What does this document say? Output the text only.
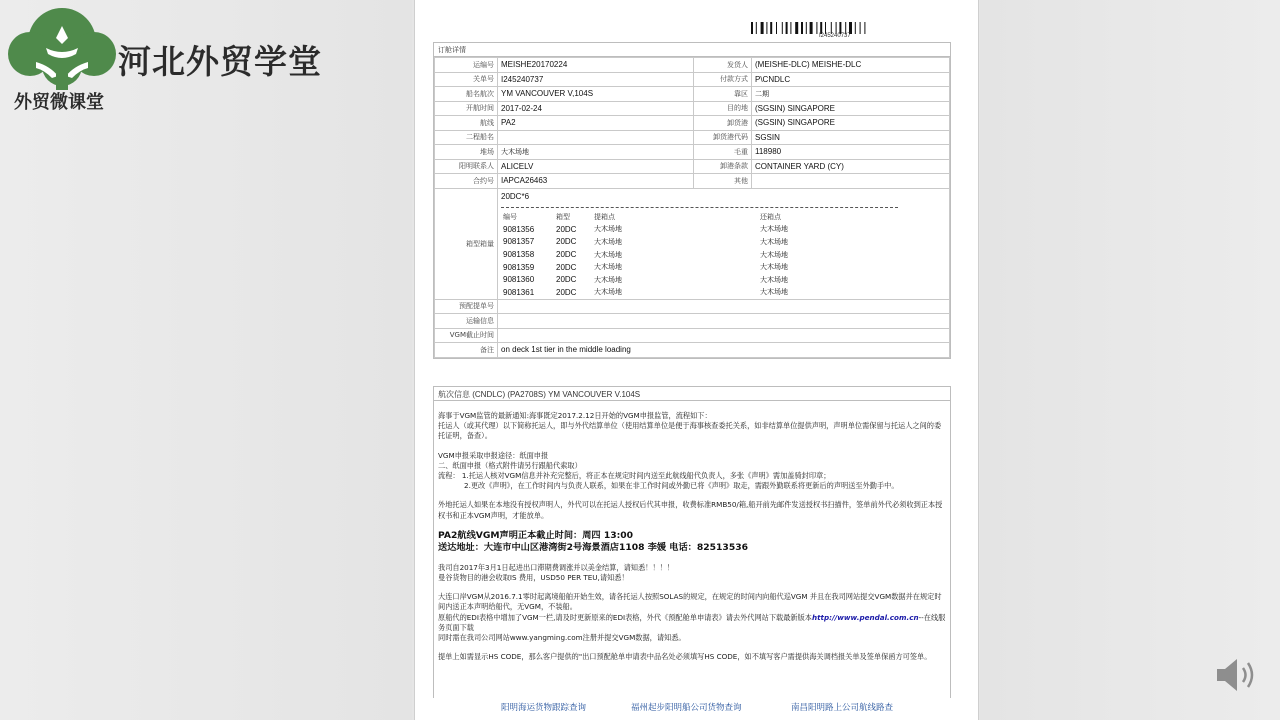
河北外贸学堂
外贸微课堂
I245240737
订舱详情
运编号	MEISHE20170224	发货人	(MEISHE-DLC) MEISHE-DLC
关单号	I245240737	付款方式	P\CNDLC
船名航次	YM VANCOUVER V,104S	靠区	二期
开航时间	2017-02-24	目的地	(SGSIN) SINGAPORE
航线	PA2	卸货港	(SGSIN) SINGAPORE
二程船名		卸货港代码	SGSIN
堆场	大木场地	毛重	118980
阳明联系人	ALICELV	卸港条款	CONTAINER YARD (CY)
合约号	IAPCA26463	其他	
箱型箱量	
20DC*6
编号	箱型	提箱点	还箱点
9081356	20DC	大木场地	大木场地
9081357	20DC	大木场地	大木场地
9081358	20DC	大木场地	大木场地
9081359	20DC	大木场地	大木场地
9081360	20DC	大木场地	大木场地
9081361	20DC	大木场地	大木场地

预配提单号	
运输信息	
VGM截止时间	
备注	on deck 1st tier in the middle loading
航次信息 (CNDLC) (PA2708S) YM VANCOUVER V.104S

海事于VGM监管的最新通知:海事既定2017.2.12日开始的VGM申报监管，流程如下：

托运人（或其代理）以下简称托运人，即与外代结算单位（使用结算单位是便于海事核查委托关系，如非结算单位提供声明，声明单位需保留与托运人之间的委托证明，备查）。

VGM申报采取申报途径：纸面申报

二、纸面申报（格式附件请另行跟船代索取）

流程： 1.托运人核对VGM信息并补充完整后，将正本在规定时间内送至此航线船代负责人，多张《声明》需加盖骑封印章；

2.更改《声明》，在工作时间内与负责人联系，如果在非工作时间或外勤已将《声明》取走，需跟外勤联系将更新后的声明送至外勤手中。

外地托运人如果在本地没有授权声明人，外代可以在托运人授权后代其申报，收费标准RMB50/箱,船开前先邮件发送授权书扫描件，签单前外代必须收到正本授权书和正本VGM声明，才能放单。

PA2航线VGM声明正本截止时间：周四 13:00

送达地址：大连市中山区港湾街2号海景酒店1108 李媛 电话：82513536

我司自2017年3月1日起进出口滞期费调涨并以美金结算，请知悉！！！！

曼谷货物目的港会收取IS 费用，USD50 PER TEU,请知悉！

大连口岸VGM从2016.7.1零时起离境船舶开始生效，请各托运人按照SOLAS的规定，在规定的时间内向船代巡VGM 并且在我司网站提交VGM数据并在规定时间内送正本声明给船代，无VGM，不装船。

原船代的EDI表格中增加了VGM一栏,请及时更新原来的EDI表格，外代《预配舱单申请表》请去外代网站下载最新版本http://www.pendal.com.cn--在线服务页面下载

同时需在我司公司网站www.yangming.com注册并提交VGM数据，请知悉。

提单上如需显示HS CODE，那么客户提供的"出口预配舱单申请表中品名处必须填写HS CODE，如不填写客户需提供海关调档报关单及签单保函方可签单。

阳明海运货物跟踪查询	福州起步阳明船公司货物查询	南昌阳明路上公司航线路查
